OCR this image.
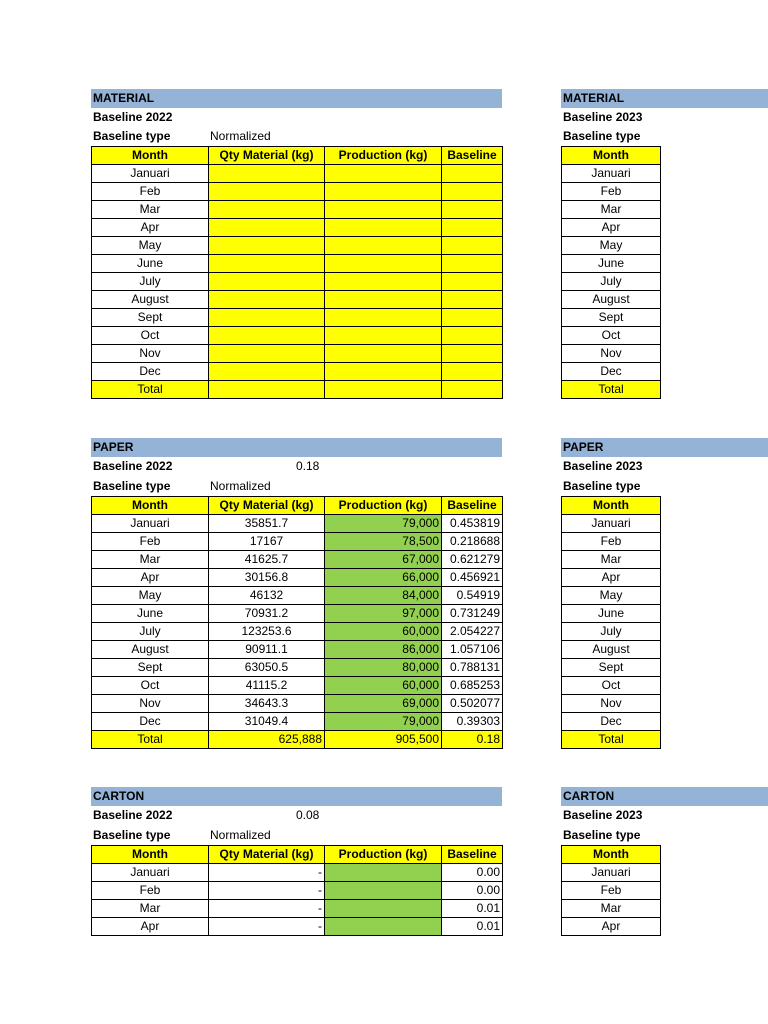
MATERIAL
Baseline 2022
Baseline type	Normalized
Month	Qty Material (kg)	Production (kg)	Baseline
Januari			
Feb			
Mar			
Apr			
May			
June			
July			
August			
Sept			
Oct			
Nov			
Dec			
Total			
MATERIAL
Baseline 2023
Baseline type
Month
Januari
Feb
Mar
Apr
May
June
July
August
Sept
Oct
Nov
Dec
Total
PAPER
Baseline 2022	0.18
Baseline type	Normalized
Month	Qty Material (kg)	Production (kg)	Baseline
Januari	35851.7	79,000	0.453819
Feb	17167	78,500	0.218688
Mar	41625.7	67,000	0.621279
Apr	30156.8	66,000	0.456921
May	46132	84,000	0.54919
June	70931.2	97,000	0.731249
July	123253.6	60,000	2.054227
August	90911.1	86,000	1.057106
Sept	63050.5	80,000	0.788131
Oct	41115.2	60,000	0.685253
Nov	34643.3	69,000	0.502077
Dec	31049.4	79,000	0.39303
Total	625,888	905,500	0.18
PAPER
Baseline 2023
Baseline type
Month
Januari
Feb
Mar
Apr
May
June
July
August
Sept
Oct
Nov
Dec
Total
CARTON
Baseline 2022	0.08
Baseline type	Normalized
Month	Qty Material (kg)	Production (kg)	Baseline
Januari	-		0.00
Feb	-		0.00
Mar	-		0.01
Apr	-		0.01
CARTON
Baseline 2023
Baseline type
Month
Januari
Feb
Mar
Apr
